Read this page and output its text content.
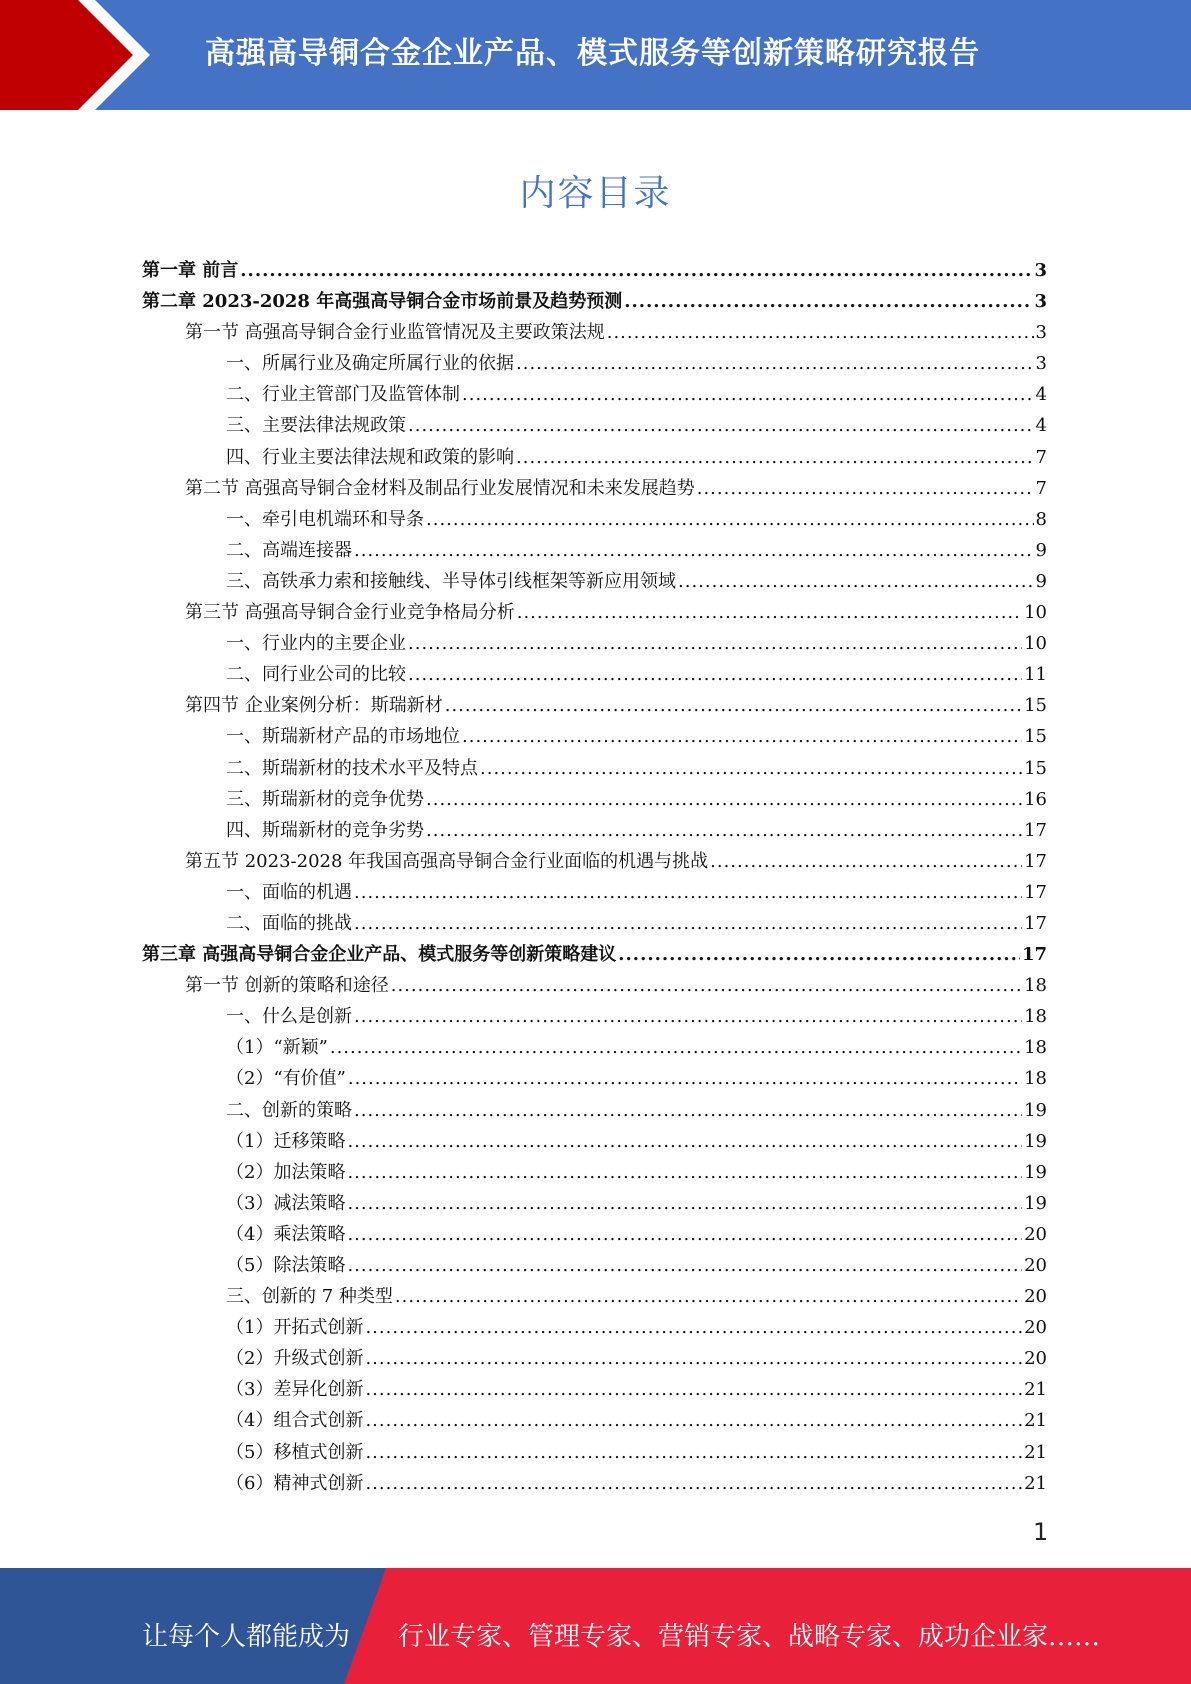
高强高导铜合金企业产品、模式服务等创新策略研究报告
内容目录
第一章 前言 .....	3
第二章 2023-2028 年高强高导铜合金市场前景及趋势预测 .....	3
第一节 高强高导铜合金行业监管情况及主要政策法规 .....	3
一、所属行业及确定所属行业的依据 .....	3
二、行业主管部门及监管体制 .....	4
三、主要法律法规政策 .....	4
四、行业主要法律法规和政策的影响 .....	7
第二节 高强高导铜合金材料及制品行业发展情况和未来发展趋势 .....	7
一、牵引电机端环和导条 .....	8
二、高端连接器 .....	9
三、高铁承力索和接触线、半导体引线框架等新应用领域 .....	9
第三节 高强高导铜合金行业竞争格局分析 .....	10
一、行业内的主要企业 .....	10
二、同行业公司的比较 .....	11
第四节 企业案例分析：斯瑞新材 .....	15
一、斯瑞新材产品的市场地位 .....	15
二、斯瑞新材的技术水平及特点 .....	15
三、斯瑞新材的竞争优势 .....	16
四、斯瑞新材的竞争劣势 .....	17
第五节 2023-2028 年我国高强高导铜合金行业面临的机遇与挑战 .....	17
一、面临的机遇 .....	17
二、面临的挑战 .....	17
第三章 高强高导铜合金企业产品、模式服务等创新策略建议 .....	17
第一节 创新的策略和途径 .....	18
一、什么是创新 .....	18
（1）“新颖” .....	18
（2）“有价值” .....	18
二、创新的策略 .....	19
（1）迁移策略 .....	19
（2）加法策略 .....	19
（3）减法策略 .....	19
（4）乘法策略 .....	20
（5）除法策略 .....	20
三、创新的 7 种类型 .....	20
（1）开拓式创新 .....	20
（2）升级式创新 .....	20
（3）差异化创新 .....	21
（4）组合式创新 .....	21
（5）移植式创新 .....	21
（6）精神式创新 .....	21
1
让每个人都能成为 行业专家、管理专家、营销专家、战略专家、成功企业家……
